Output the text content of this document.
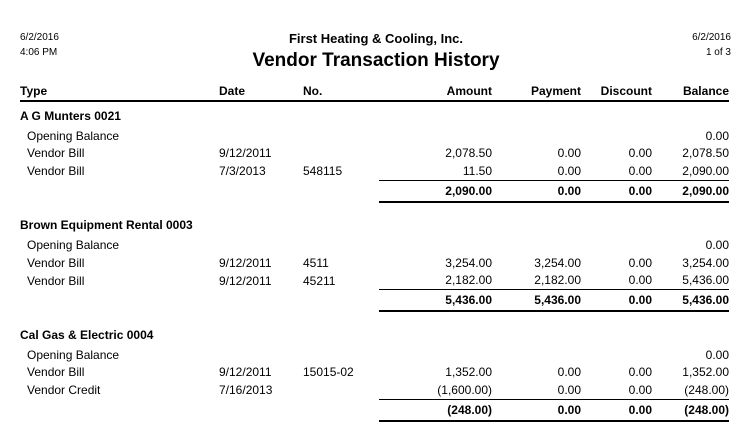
6/2/2016
4:06 PM
First Heating & Cooling, Inc.
Vendor Transaction History
6/2/2016
1 of 3
Type	Date	No.	Amount	Payment	Discount	Balance
A G Munters 0021						
Opening Balance						0.00
Vendor Bill	9/12/2011		2,078.50	0.00	0.00	2,078.50
Vendor Bill	7/3/2013	548115	11.50	0.00	0.00	2,090.00
			2,090.00	0.00	0.00	2,090.00

Brown Equipment Rental 0003						
Opening Balance						0.00
Vendor Bill	9/12/2011	4511	3,254.00	3,254.00	0.00	3,254.00
Vendor Bill	9/12/2011	45211	2,182.00	2,182.00	0.00	5,436.00
			5,436.00	5,436.00	0.00	5,436.00

Cal Gas & Electric 0004						
Opening Balance						0.00
Vendor Bill	9/12/2011	15015-02	1,352.00	0.00	0.00	1,352.00
Vendor Credit	7/16/2013		(1,600.00)	0.00	0.00	(248.00)
			(248.00)	0.00	0.00	(248.00)
